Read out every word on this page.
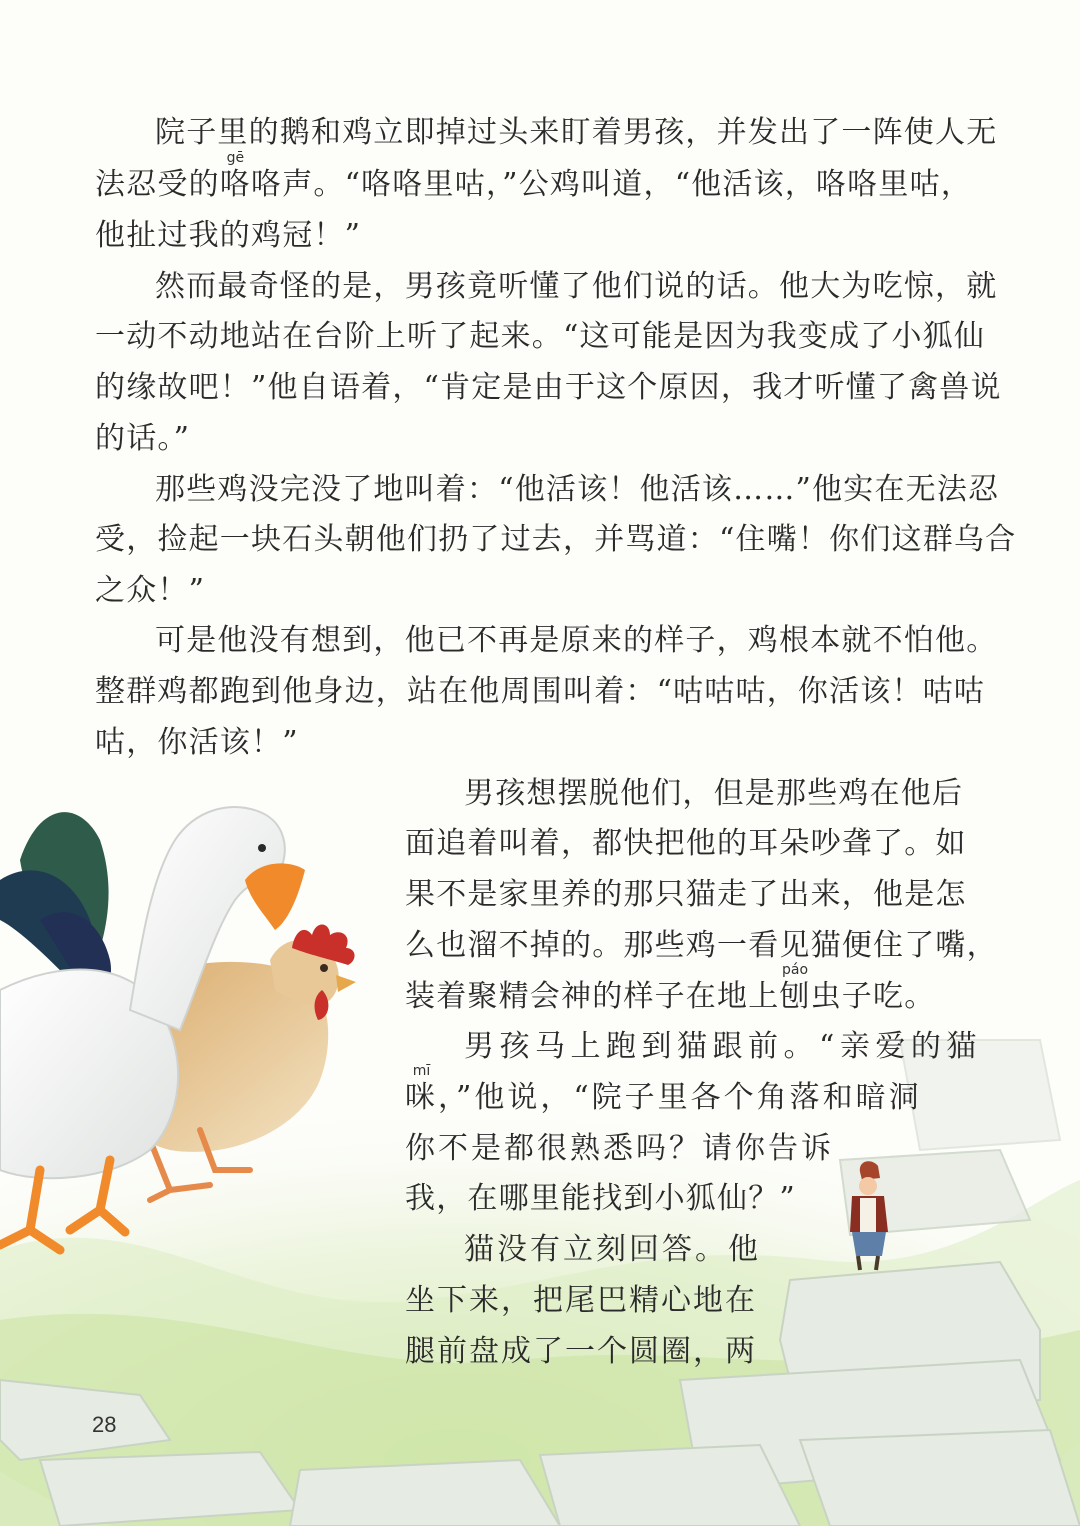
院子里的鹅和鸡立即掉过头来盯着男孩，并发出了一阵使人无
法忍受的咯
gē
咯声。“咯咯里咕，”公鸡叫道，“他活该，咯咯里咕，
他扯过我的鸡冠！”
然而最奇怪的是，男孩竟听懂了他们说的话。他大为吃惊，就
一动不动地站在台阶上听了起来。“这可能是因为我变成了小狐仙
的缘故吧！”他自语着，“肯定是由于这个原因，我才听懂了禽兽说
的话。”
那些鸡没完没了地叫着：“他活该！他活该……”他实在无法忍
受，捡起一块石头朝他们扔了过去，并骂道：“住嘴！你们这群乌合
之众！”
可是他没有想到，他已不再是原来的样子，鸡根本就不怕他。
整群鸡都跑到他身边，站在他周围叫着：“咕咕咕，你活该！咕咕
咕，你活该！”
男孩想摆脱他们，但是那些鸡在他后
面追着叫着，都快把他的耳朵吵聋了。如
果不是家里养的那只猫走了出来，他是怎
么也溜不掉的。那些鸡一看见猫便住了嘴，
装着聚精会神的样子在地上刨
páo
虫子吃。
男孩马上跑到猫跟前。“亲爱的猫
咪
mī
，”他说，“院子里各个角落和暗洞
你不是都很熟悉吗？请你告诉
我，在哪里能找到小狐仙？”
猫没有立刻回答。他
坐下来，把尾巴精心地在
腿前盘成了一个圆圈，两
28
